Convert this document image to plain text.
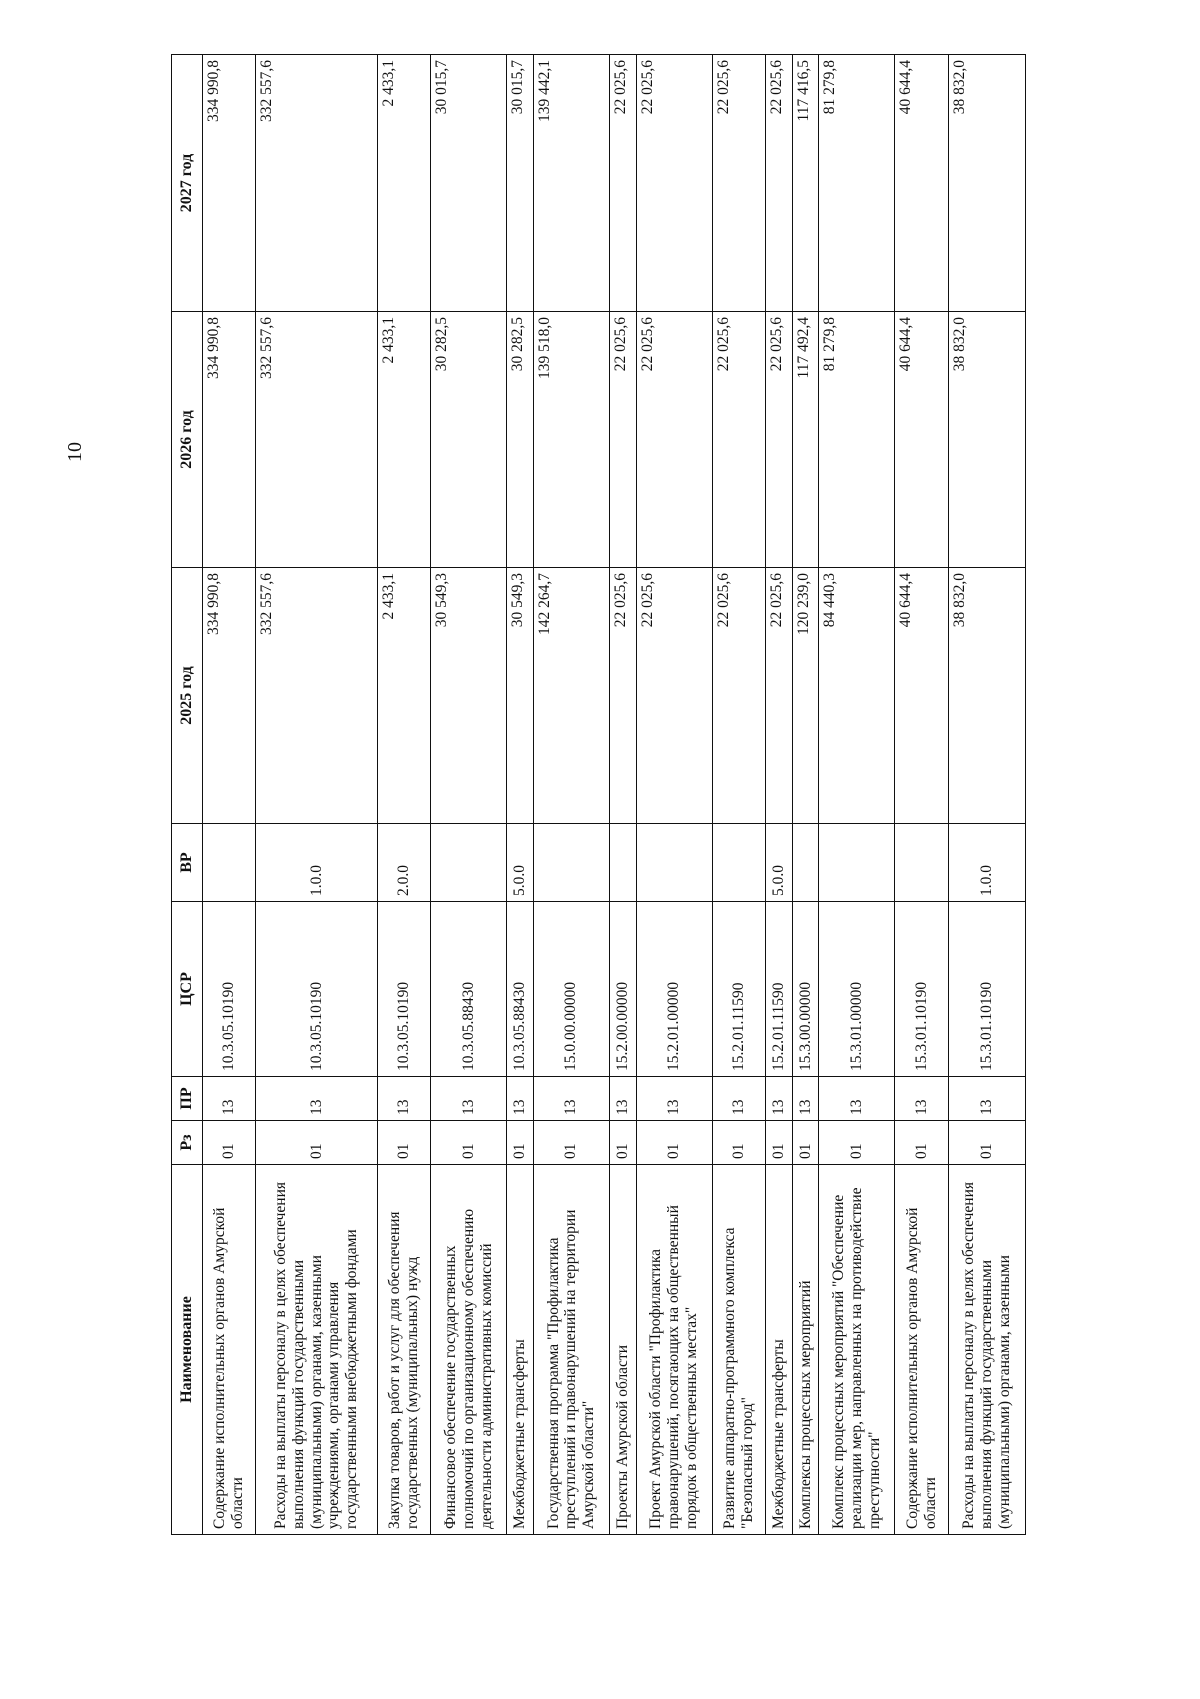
10
Наименование	Рз	ПР	ЦСР	ВР	2025 год	2026 год	2027 год
Содержание исполнительных органов Амурской области	01	13	10.3.05.10190		334 990,8	334 990,8	334 990,8
Расходы на выплаты персоналу в целях обеспечения выполнения функций государственными (муниципальными) органами, казенными учреждениями, органами управления государственными внебюджетными фондами	01	13	10.3.05.10190	1.0.0	332 557,6	332 557,6	332 557,6
Закупка товаров, работ и услуг для обеспечения государственных (муниципальных) нужд	01	13	10.3.05.10190	2.0.0	2 433,1	2 433,1	2 433,1
Финансовое обеспечение государственных полномочий по организационному обеспечению деятельности административных комиссий	01	13	10.3.05.88430		30 549,3	30 282,5	30 015,7
Межбюджетные трансферты	01	13	10.3.05.88430	5.0.0	30 549,3	30 282,5	30 015,7
Государственная программа "Профилактика преступлений и правонарушений на территории Амурской области"	01	13	15.0.00.00000		142 264,7	139 518,0	139 442,1
Проекты Амурской области	01	13	15.2.00.00000		22 025,6	22 025,6	22 025,6
Проект Амурской области "Профилактика правонарушений, посягающих на общественный порядок в общественных местах"	01	13	15.2.01.00000		22 025,6	22 025,6	22 025,6
Развитие аппаратно-программного комплекса "Безопасный город"	01	13	15.2.01.11590		22 025,6	22 025,6	22 025,6
Межбюджетные трансферты	01	13	15.2.01.11590	5.0.0	22 025,6	22 025,6	22 025,6
Комплексы процессных мероприятий	01	13	15.3.00.00000		120 239,0	117 492,4	117 416,5
Комплекс процессных мероприятий "Обеспечение реализации мер, направленных на противодействие преступности"	01	13	15.3.01.00000		84 440,3	81 279,8	81 279,8
Содержание исполнительных органов Амурской области	01	13	15.3.01.10190		40 644,4	40 644,4	40 644,4
Расходы на выплаты персоналу в целях обеспечения выполнения функций государственными (муниципальными) органами, казенными	01	13	15.3.01.10190	1.0.0	38 832,0	38 832,0	38 832,0
